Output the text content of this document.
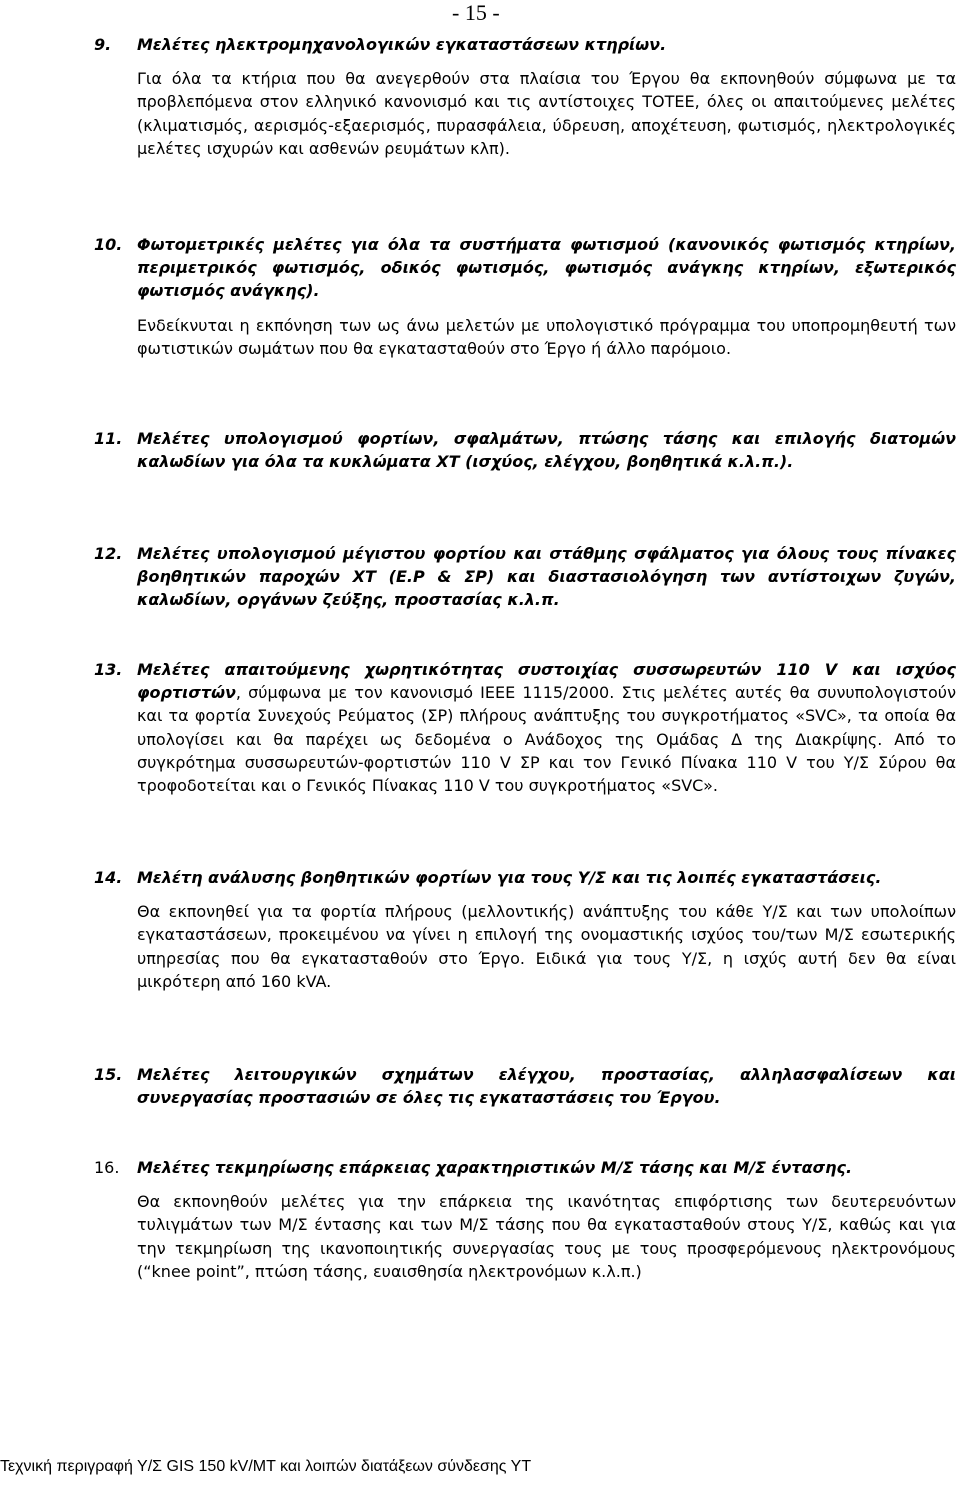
- 15 -
9.	Μελέτες ηλεκτρομηχανολογικών εγκαταστάσεων κτηρίων.
Για όλα τα κτήρια που θα ανεγερθούν στα πλαίσια του Έργου θα εκπονηθούν σύμφωνα με τα προβλεπόμενα στον ελληνικό κανονισμό και τις αντίστοιχες ΤΟΤΕΕ, όλες οι απαιτούμενες μελέτες (κλιματισμός, αερισμός-εξαερισμός, πυρασφάλεια, ύδρευση, αποχέτευση, φωτισμός, ηλεκτρολογικές μελέτες ισχυρών και ασθενών ρευμάτων κλπ).
10. Φωτομετρικές μελέτες για όλα τα συστήματα φωτισμού (κανονικός φωτισμός κτηρίων, περιμετρικός φωτισμός, οδικός φωτισμός, φωτισμός ανάγκης κτηρίων, εξωτερικός φωτισμός ανάγκης).
Ενδείκνυται η εκπόνηση των ως άνω μελετών με υπολογιστικό πρόγραμμα του υποπρομηθευτή των φωτιστικών σωμάτων που θα εγκατασταθούν στο Έργο ή άλλο παρόμοιο.
11. Μελέτες υπολογισμού φορτίων, σφαλμάτων, πτώσης τάσης και επιλογής διατομών καλωδίων για όλα τα κυκλώματα ΧΤ (ισχύος, ελέγχου, βοηθητικά κ.λ.π.).
12. Μελέτες υπολογισμού μέγιστου φορτίου και στάθμης σφάλματος για όλους τους πίνακες βοηθητικών παροχών ΧΤ (Ε.Ρ & ΣΡ) και διαστασιολόγηση των αντίστοιχων ζυγών, καλωδίων, οργάνων ζεύξης, προστασίας κ.λ.π.
13. Μελέτες απαιτούμενης χωρητικότητας συστοιχίας συσσωρευτών 110 V και ισχύος φορτιστών, σύμφωνα με τον κανονισμό IEEE 1115/2000. Στις μελέτες αυτές θα συνυπολογιστούν και τα φορτία Συνεχούς Ρεύματος (ΣΡ) πλήρους ανάπτυξης του συγκροτήματος «SVC», τα οποία θα υπολογίσει και θα παρέχει ως δεδομένα ο Ανάδοχος της Ομάδας Δ της Διακρίψης. Από το συγκρότημα συσσωρευτών-φορτιστών 110 V ΣΡ και τον Γενικό Πίνακα 110 V του Υ/Σ Σύρου θα τροφοδοτείται και ο Γενικός Πίνακας 110 V του συγκροτήματος «SVC».
14. Μελέτη ανάλυσης βοηθητικών φορτίων για τους Υ/Σ και τις λοιπές εγκαταστάσεις.
Θα εκπονηθεί για τα φορτία πλήρους (μελλοντικής) ανάπτυξης του κάθε Υ/Σ και των υπολοίπων εγκαταστάσεων, προκειμένου να γίνει η επιλογή της ονομαστικής ισχύος του/των Μ/Σ εσωτερικής υπηρεσίας που θα εγκατασταθούν στο Έργο. Ειδικά για τους Υ/Σ, η ισχύς αυτή δεν θα είναι μικρότερη από 160 kVA.
15. Μελέτες λειτουργικών σχημάτων ελέγχου, προστασίας, αλληλασφαλίσεων και συνεργασίας προστασιών σε όλες τις εγκαταστάσεις του Έργου.
16.	Μελέτες τεκμηρίωσης επάρκειας χαρακτηριστικών Μ/Σ τάσης και Μ/Σ έντασης.
Θα εκπονηθούν μελέτες για την επάρκεια της ικανότητας επιφόρτισης των δευτερευόντων τυλιγμάτων των Μ/Σ έντασης και των Μ/Σ τάσης που θα εγκατασταθούν στους Υ/Σ, καθώς και για την τεκμηρίωση της ικανοποιητικής συνεργασίας τους με τους προσφερόμενους ηλεκτρονόμους (“knee point”, πτώση τάσης, ευαισθησία ηλεκτρονόμων κ.λ.π.)
Τεχνική περιγραφή Υ/Σ GIS 150 kV/MT και λοιπών διατάξεων σύνδεσης ΥΤ
